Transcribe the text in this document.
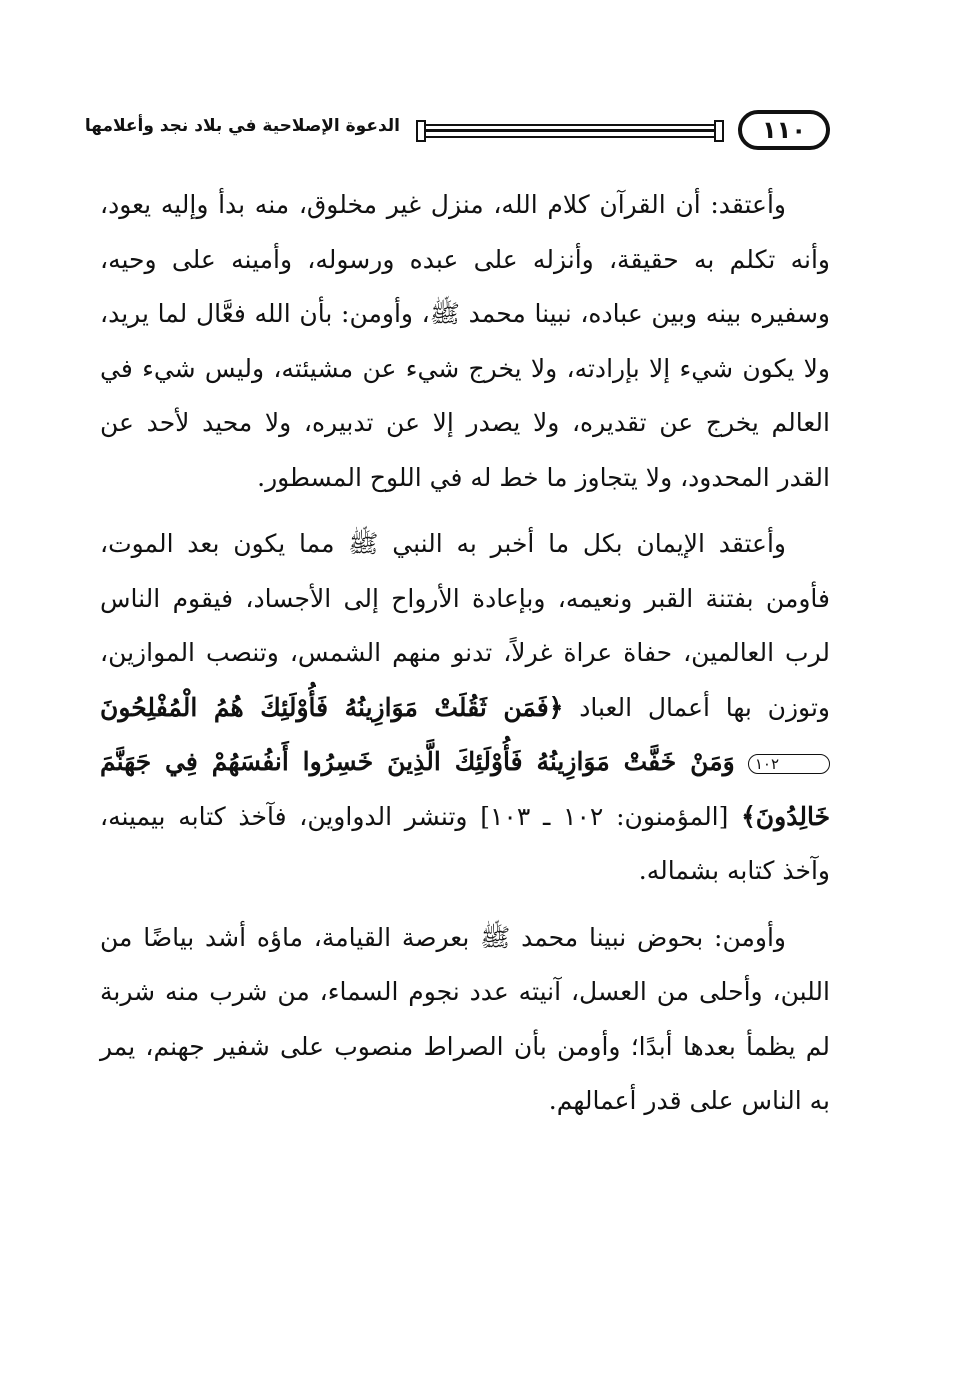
١١٠
الدعوة الإصلاحية في بلاد نجد وأعلامها

وأعتقد: أن القرآن كلام الله، منزل غير مخلوق، منه بدأ وإليه يعود، وأنه تكلم به حقيقة، وأنزله على عبده ورسوله، وأمينه على وحيه، وسفيره بينه وبين عباده، نبينا محمد ﷺ، وأومن: بأن الله فعَّال لما يريد، ولا يكون شيء إلا بإرادته، ولا يخرج شيء عن مشيئته، وليس شيء في العالم يخرج عن تقديره، ولا يصدر إلا عن تدبيره، ولا محيد لأحد عن القدر المحدود، ولا يتجاوز ما خط له في اللوح المسطور.

وأعتقد الإيمان بكل ما أخبر به النبي ﷺ مما يكون بعد الموت، فأومن بفتنة القبر ونعيمه، وبإعادة الأرواح إلى الأجساد، فيقوم الناس لرب العالمين، حفاة عراة غرلاً، تدنو منهم الشمس، وتنصب الموازين، وتوزن بها أعمال العباد ﴿فَمَن ثَقُلَتْ مَوَازِينُهُ فَأُوْلَئِكَ هُمُ الْمُفْلِحُونَ ١٠٢ وَمَنْ خَفَّتْ مَوَازِينُهُ فَأُوْلَئِكَ الَّذِينَ خَسِرُوا أَنفُسَهُمْ فِي جَهَنَّمَ خَالِدُونَ﴾ [المؤمنون: ١٠٢ ـ ١٠٣] وتنشر الدواوين، فآخذ كتابه بيمينه، وآخذ كتابه بشماله.

وأومن: بحوض نبينا محمد ﷺ بعرصة القيامة، ماؤه أشد بياضًا من اللبن، وأحلى من العسل، آنيته عدد نجوم السماء، من شرب منه شربة لم يظمأ بعدها أبدًا؛ وأومن بأن الصراط منصوب على شفير جهنم، يمر به الناس على قدر أعمالهم.
